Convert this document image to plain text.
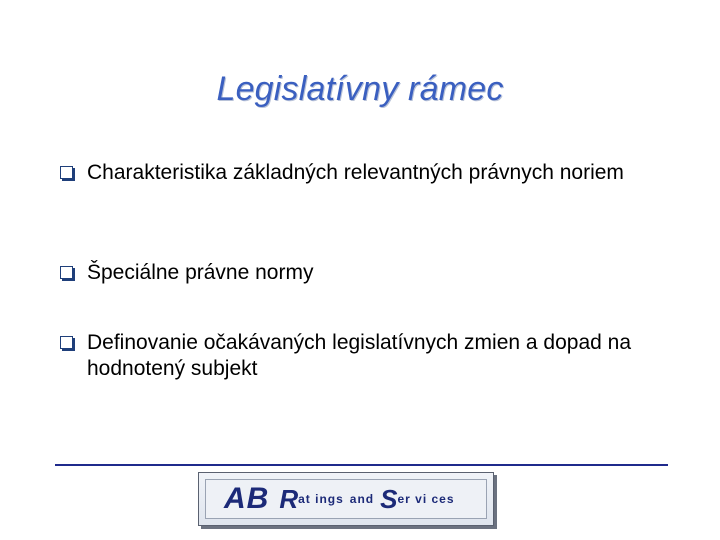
Legislatívny rámec
Charakteristika základných relevantných právnych noriem
Špeciálne právne normy
Definovanie očakávaných legislatívnych zmien a dopad na hodnotený subjekt
AB R at ings and S er vi ces
